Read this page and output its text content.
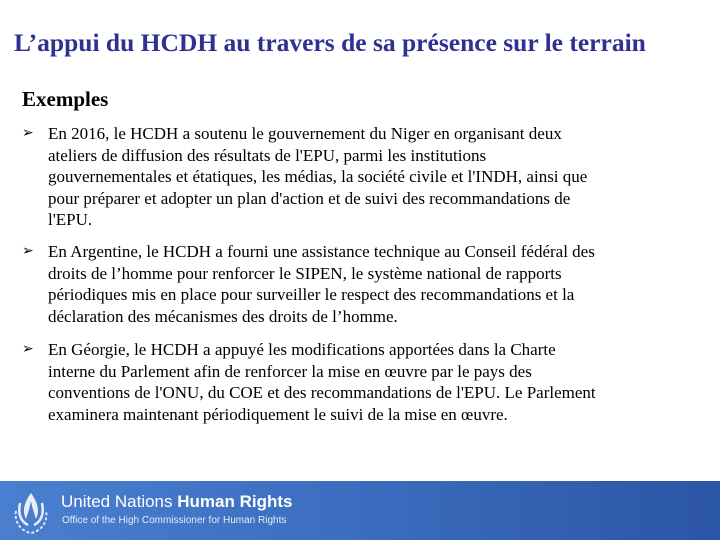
L’appui du HCDH au travers de sa présence sur le terrain
Exemples
➢ En 2016, le HCDH a soutenu le gouvernement du Niger en organisant deux
ateliers de diffusion des résultats de l'EPU, parmi les institutions
gouvernementales et étatiques, les médias, la société civile et l'INDH, ainsi que
pour préparer et adopter un plan d'action et de suivi des recommandations de
l'EPU.
➢ En Argentine, le HCDH a fourni une assistance technique au Conseil fédéral des
droits de l’homme pour renforcer le SIPEN, le système national de rapports
périodiques mis en place pour surveiller le respect des recommandations et la
déclaration des mécanismes des droits de l’homme.
➢ En Géorgie, le HCDH a appuyé les modifications apportées dans la Charte
interne du Parlement afin de renforcer la mise en œuvre par le pays des
conventions de l'ONU, du COE et des recommandations de l'EPU. Le Parlement
examinera maintenant périodiquement le suivi de la mise en œuvre.
United Nations Human Rights
Office of the High Commissioner for Human Rights
